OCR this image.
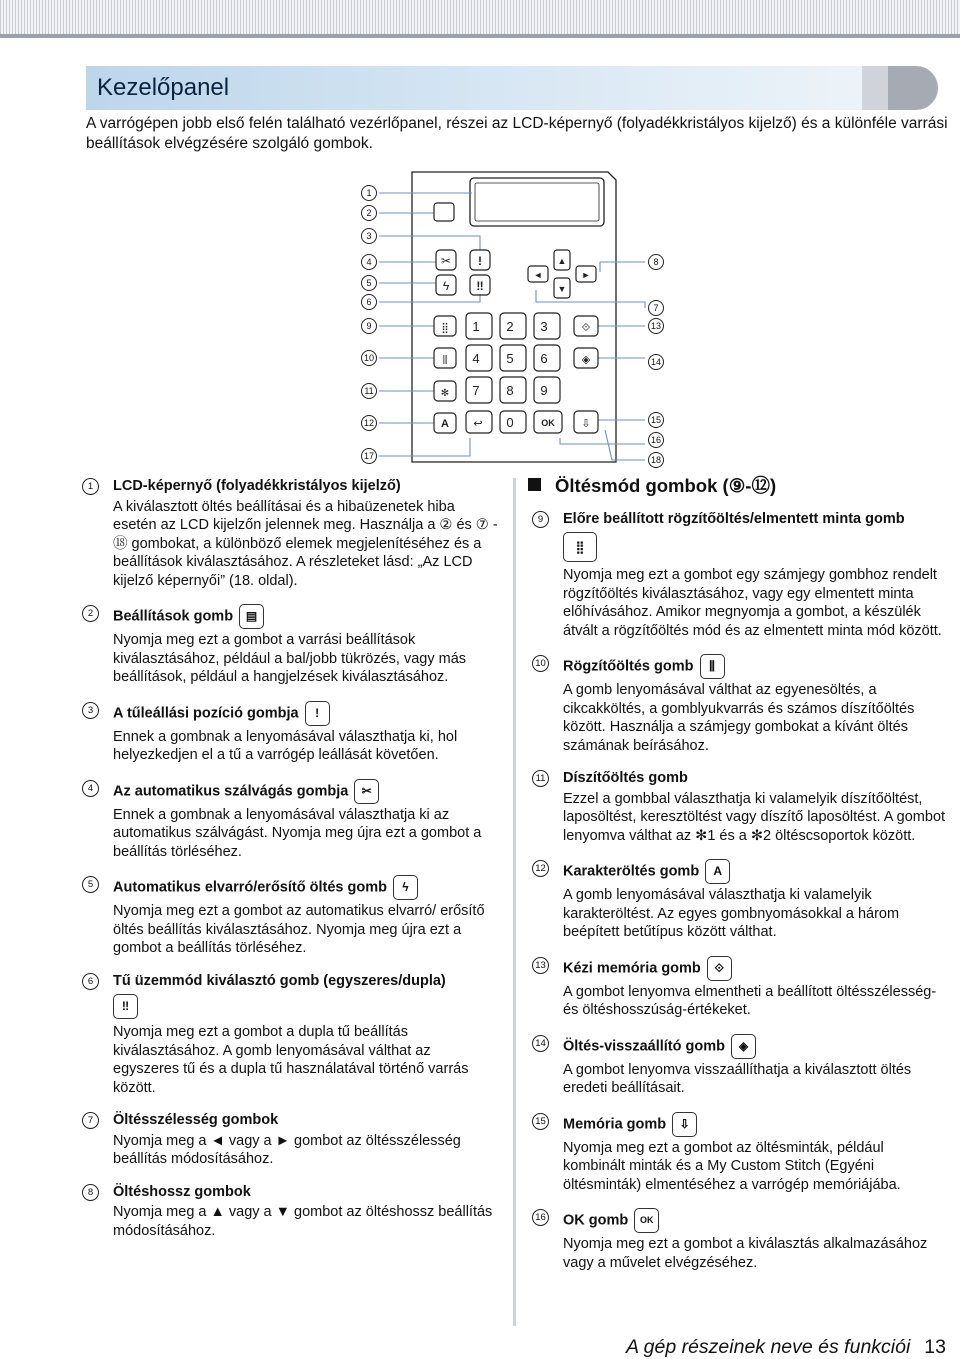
Kezelőpanel

A varrógépen jobb első felén található vezérlőpanel, részei az LCD-képernyő (folyadékkristályos kijelző) és a különféle varrási beállítások elvégzésére szolgáló gombok.

✂ !
ϟ ‼
▲
◄	►
▼
⣿
⫼
✻
⟐
◈
⇩
A	OK
1 2 3
4 5 6
7 8 9
0
↩
1
2
3
4
5
6
9
10
11
12
17
8
7
13
14
15
16
18
1	LCD-képernyő (folyadékkristályos kijelző)
A kiválasztott öltés beállításai és a hibaüzenetek hiba esetén az LCD kijelzőn jelennek meg. Használja a ② és ⑦ - ⑱ gombokat, a különböző elemek megjelenítéséhez és a beállítások kiválasztásához. A részleteket lásd: „Az LCD kijelző képernyői” (18. oldal).
2	Beállítások gomb ▤
Nyomja meg ezt a gombot a varrási beállítások kiválasztásához, például a bal/jobb tükrözés, vagy más beállítások, például a hangjelzések kiválasztásához.
3	A tűleállási pozíció gombja !
Ennek a gombnak a lenyomásával választhatja ki, hol helyezkedjen el a tű a varrógép leállását követően.
4	Az automatikus szálvágás gombja ✂
Ennek a gombnak a lenyomásával választhatja ki az automatikus szálvágást. Nyomja meg újra ezt a gombot a beállítás törléséhez.
5	Automatikus elvarró/erősítő öltés gomb ϟ
Nyomja meg ezt a gombot az automatikus elvarró/ erősítő öltés beállítás kiválasztásához. Nyomja meg újra ezt a gombot a beállítás törléséhez.
6	Tű üzemmód kiválasztó gomb (egyszeres/dupla)
‼
Nyomja meg ezt a gombot a dupla tű beállítás kiválasztásához. A gomb lenyomásával válthat az egyszeres tű és a dupla tű használatával történő varrás között.
7	Öltésszélesség gombok
Nyomja meg a ◄ vagy a ► gombot az öltésszélesség beállítás módosításához.
8	Öltéshossz gombok
Nyomja meg a ▲ vagy a ▼ gombot az öltéshossz beállítás módosításához.
Öltésmód gombok (⑨-⑫)
9	Előre beállított rögzítőöltés/elmentett minta gomb
⣿
Nyomja meg ezt a gombot egy számjegy gombhoz rendelt rögzítőöltés kiválasztásához, vagy egy elmentett minta előhívásához. Amikor megnyomja a gombot, a készülék átvált a rögzítőöltés mód és az elmentett minta mód között.
10 Rögzítőöltés gomb ⫼
A gomb lenyomásával válthat az egyenesöltés, a cikcakköltés, a gomblyukvarrás és számos díszítőöltés között. Használja a számjegy gombokat a kívánt öltés számának beírásához.
11 Díszítőöltés gomb
Ezzel a gombbal választhatja ki valamelyik díszítőöltést, laposöltést, keresztöltést vagy díszítő laposöltést. A gombot lenyomva válthat az ✻1 és a ✻2 öltéscsoportok között.
12 Karakteröltés gomb A
A gomb lenyomásával választhatja ki valamelyik karakteröltést. Az egyes gombnyomásokkal a három beépített betűtípus között válthat.
13 Kézi memória gomb ⟐
A gombot lenyomva elmentheti a beállított öltésszélesség- és öltéshosszúság-értékeket.
14 Öltés-visszaállító gomb ◈
A gombot lenyomva visszaállíthatja a kiválasztott öltés eredeti beállításait.
15 Memória gomb ⇩
Nyomja meg ezt a gombot az öltésminták, például kombinált minták és a My Custom Stitch (Egyéni öltésminták) elmentéséhez a varrógép memóriájába.
16 OK gomb OK
Nyomja meg ezt a gombot a kiválasztás alkalmazásához vagy a művelet elvégzéséhez.
A gép részeinek neve és funkciói 13
